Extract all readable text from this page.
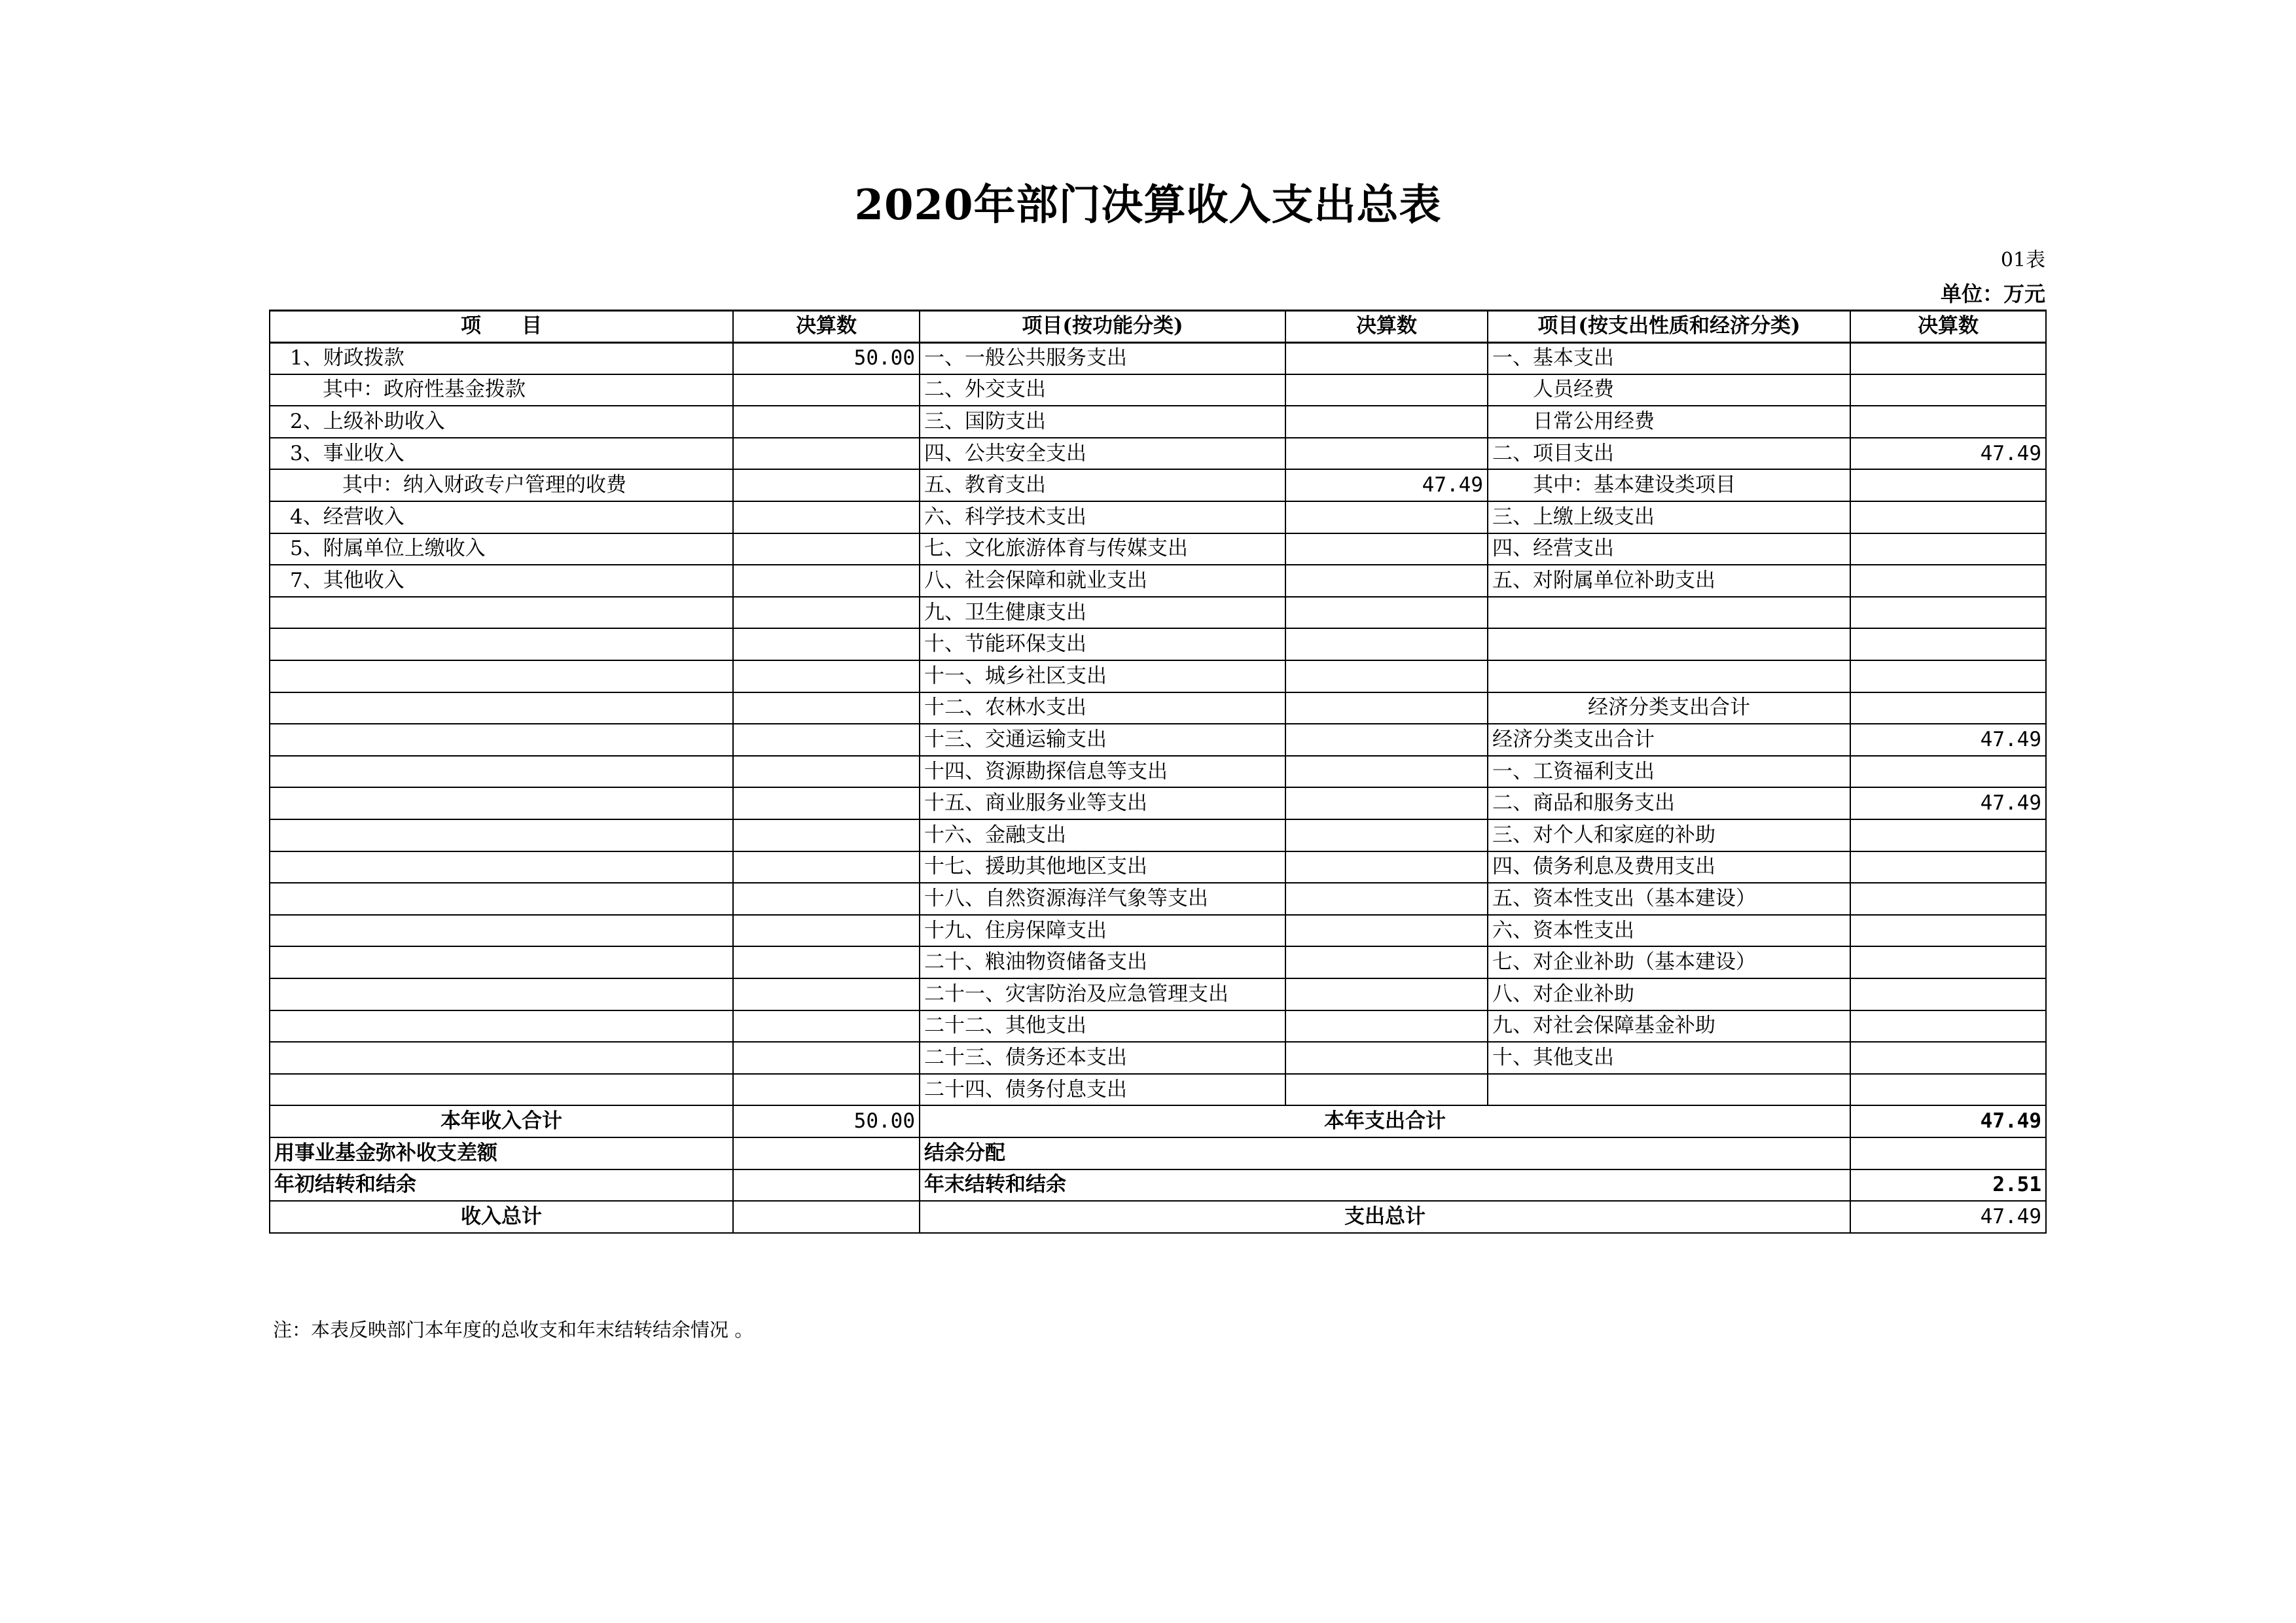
2020年部门决算收入支出总表
01表
单位：万元
项　　目	决算数	项目(按功能分类)	决算数	项目(按支出性质和经济分类)	决算数
1、财政拨款	50.00	一、一般公共服务支出		一、基本支出	
其中：政府性基金拨款		二、外交支出		人员经费	
2、上级补助收入		三、国防支出		日常公用经费	
3、事业收入		四、公共安全支出		二、项目支出	47.49
其中：纳入财政专户管理的收费		五、教育支出	47.49	其中：基本建设类项目	
4、经营收入		六、科学技术支出		三、上缴上级支出	
5、附属单位上缴收入		七、文化旅游体育与传媒支出		四、经营支出	
7、其他收入		八、社会保障和就业支出		五、对附属单位补助支出	
		九、卫生健康支出			
		十、节能环保支出			
		十一、城乡社区支出			
		十二、农林水支出		经济分类支出合计	
		十三、交通运输支出		经济分类支出合计	47.49
		十四、资源勘探信息等支出		一、工资福利支出	
		十五、商业服务业等支出		二、商品和服务支出	47.49
		十六、金融支出		三、对个人和家庭的补助	
		十七、援助其他地区支出		四、债务利息及费用支出	
		十八、自然资源海洋气象等支出		五、资本性支出（基本建设）	
		十九、住房保障支出		六、资本性支出	
		二十、粮油物资储备支出		七、对企业补助（基本建设）	
		二十一、灾害防治及应急管理支出		八、对企业补助	
		二十二、其他支出		九、对社会保障基金补助	
		二十三、债务还本支出		十、其他支出	
		二十四、债务付息支出			
本年收入合计	50.00	本年支出合计			47.49
用事业基金弥补收支差额		结余分配			
年初结转和结余		年末结转和结余			2.51
收入总计		支出总计			47.49
注：本表反映部门本年度的总收支和年末结转结余情况 。
